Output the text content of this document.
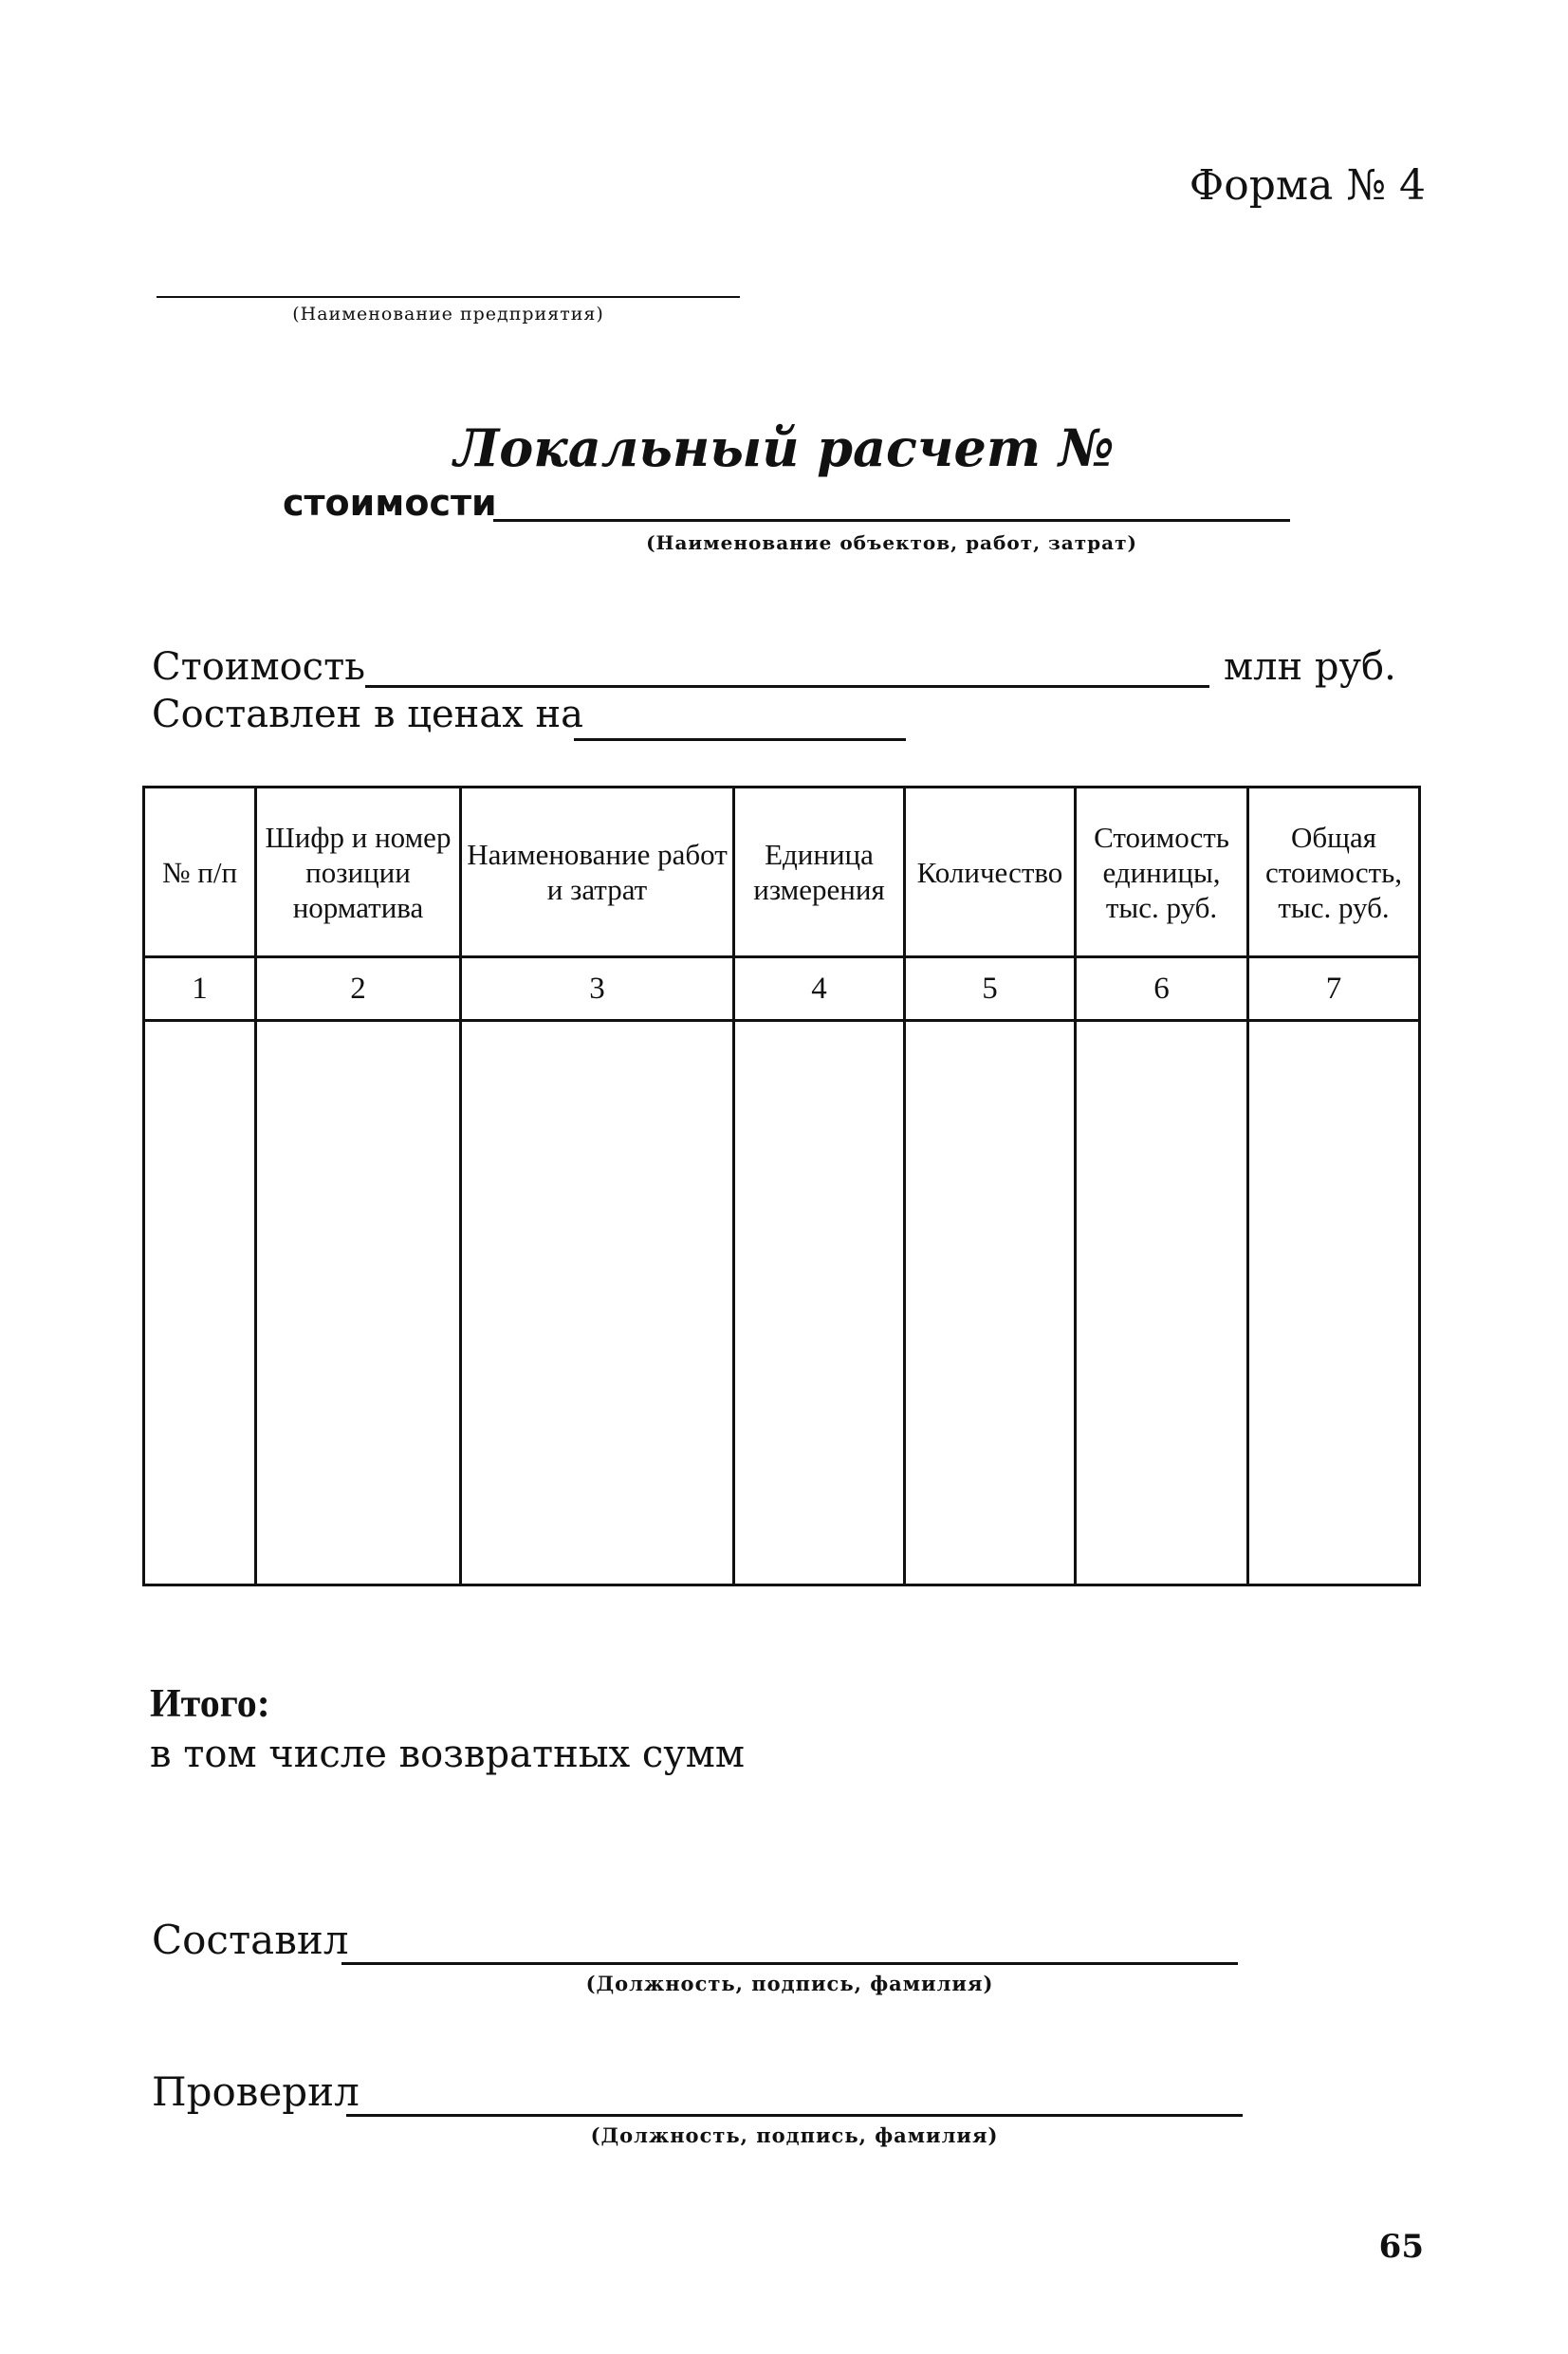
Форма № 4
(Наименование предприятия)
Локальный расчет №
стоимости
(Наименование объектов, работ, затрат)
Стоимость	млн руб.
Составлен в ценах на
№ п/п	Шифр и номер позиции норматива	Наименование работ и затрат	Единица измерения	Количество	Стоимость единицы, тыс. руб.	Общая стоимость, тыс. руб.
1	2	3	4	5	6	7

Итого:
в том числе возвратных сумм
Составил
(Должность, подпись, фамилия)
Проверил
(Должность, подпись, фамилия)
65
